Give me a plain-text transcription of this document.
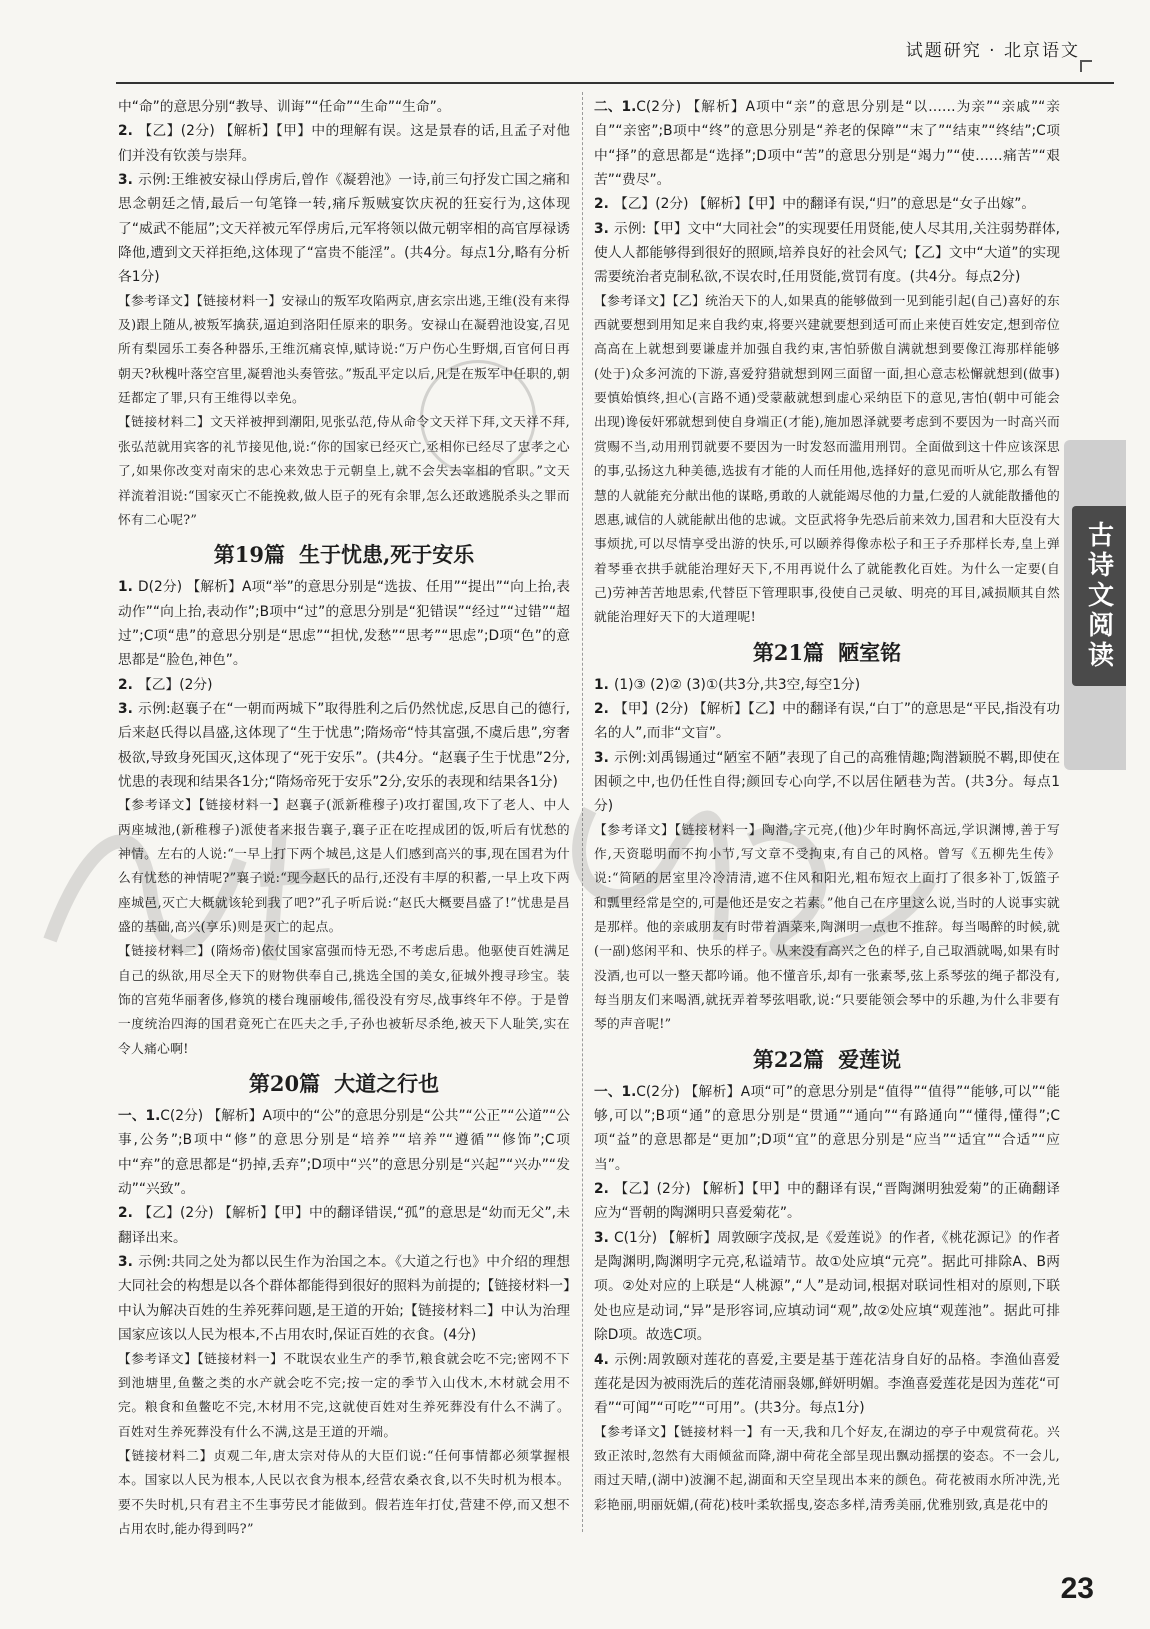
试题研究 · 北京语文

中“命”的意思分别“教导、训诲”“任命”“生命”“生命”。

2. 【乙】(2分) 【解析】【甲】中的理解有误。这是景春的话,且孟子对他们并没有钦羡与崇拜。

3. 示例:王维被安禄山俘虏后,曾作《凝碧池》一诗,前三句抒发亡国之痛和思念朝廷之情,最后一句笔锋一转,痛斥叛贼宴饮庆祝的狂妄行为,这体现了“威武不能屈”;文天祥被元军俘虏后,元军将领以做元朝宰相的高官厚禄诱降他,遭到文天祥拒绝,这体现了“富贵不能淫”。(共4分。每点1分,略有分析各1分)

【参考译文】【链接材料一】安禄山的叛军攻陷两京,唐玄宗出逃,王维(没有来得及)跟上随从,被叛军擒获,逼迫到洛阳任原来的职务。安禄山在凝碧池设宴,召见所有梨园乐工奏各种器乐,王维沉痛哀悼,赋诗说:“万户伤心生野烟,百官何日再朝天?秋槐叶落空宫里,凝碧池头奏管弦。”叛乱平定以后,凡是在叛军中任职的,朝廷都定了罪,只有王维得以幸免。

【链接材料二】文天祥被押到潮阳,见张弘范,侍从命令文天祥下拜,文天祥不拜,张弘范就用宾客的礼节接见他,说:“你的国家已经灭亡,丞相你已经尽了忠孝之心了,如果你改变对南宋的忠心来效忠于元朝皇上,就不会失去宰相的官职。”文天祥流着泪说:“国家灭亡不能挽救,做人臣子的死有余罪,怎么还敢逃脱杀头之罪而怀有二心呢?”

第19篇 生于忧患,死于安乐

1. D(2分) 【解析】A项“举”的意思分别是“选拔、任用”“提出”“向上抬,表动作”“向上抬,表动作”;B项中“过”的意思分别是“犯错误”“经过”“过错”“超过”;C项“患”的意思分别是“思虑”“担忧,发愁”“思考”“思虑”;D项“色”的意思都是“脸色,神色”。

2. 【乙】(2分)

3. 示例:赵襄子在“一朝而两城下”取得胜利之后仍然忧虑,反思自己的德行,后来赵氏得以昌盛,这体现了“生于忧患”;隋炀帝“恃其富强,不虞后患”,穷奢极欲,导致身死国灭,这体现了“死于安乐”。(共4分。“赵襄子生于忧患”2分,忧患的表现和结果各1分;“隋炀帝死于安乐”2分,安乐的表现和结果各1分)

【参考译文】【链接材料一】赵襄子(派新稚穆子)攻打翟国,攻下了老人、中人两座城池,(新稚穆子)派使者来报告襄子,襄子正在吃捏成团的饭,听后有忧愁的神情。左右的人说:“一早上打下两个城邑,这是人们感到高兴的事,现在国君为什么有忧愁的神情呢?”襄子说:“现今赵氏的品行,还没有丰厚的积蓄,一早上攻下两座城邑,灭亡大概就该轮到我了吧?”孔子听后说:“赵氏大概要昌盛了!”忧患是昌盛的基础,高兴(享乐)则是灭亡的起点。

【链接材料二】(隋炀帝)依仗国家富强而恃无恐,不考虑后患。他驱使百姓满足自己的纵欲,用尽全天下的财物供奉自己,挑选全国的美女,征城外搜寻珍宝。装饰的宫苑华丽奢侈,修筑的楼台瑰丽峻伟,徭役没有穷尽,战事终年不停。于是曾一度统治四海的国君竟死亡在匹夫之手,子孙也被斩尽杀绝,被天下人耻笑,实在令人痛心啊!

第20篇 大道之行也

一、1.C(2分) 【解析】A项中的“公”的意思分别是“公共”“公正”“公道”“公事,公务”;B项中“修”的意思分别是“培养”“培养”“遵循”“修饰”;C项中“弃”的意思都是“扔掉,丢弃”;D项中“兴”的意思分别是“兴起”“兴办”“发动”“兴致”。

2. 【乙】(2分) 【解析】【甲】中的翻译错误,“孤”的意思是“幼而无父”,未翻译出来。

3. 示例:共同之处为都以民生作为治国之本。《大道之行也》中介绍的理想大同社会的构想是以各个群体都能得到很好的照料为前提的;【链接材料一】中认为解决百姓的生养死葬问题,是王道的开始;【链接材料二】中认为治理国家应该以人民为根本,不占用农时,保证百姓的衣食。(4分)

【参考译文】【链接材料一】不耽误农业生产的季节,粮食就会吃不完;密网不下到池塘里,鱼鳖之类的水产就会吃不完;按一定的季节入山伐木,木材就会用不完。粮食和鱼鳖吃不完,木材用不完,这就使百姓对生养死葬没有什么不满了。百姓对生养死葬没有什么不满,这是王道的开端。

【链接材料二】贞观二年,唐太宗对侍从的大臣们说:“任何事情都必须掌握根本。国家以人民为根本,人民以衣食为根本,经营农桑衣食,以不失时机为根本。要不失时机,只有君主不生事劳民才能做到。假若连年打仗,营建不停,而又想不占用农时,能办得到吗?”

二、1.C(2分) 【解析】A项中“亲”的意思分别是“以……为亲”“亲戚”“亲自”“亲密”;B项中“终”的意思分别是“养老的保障”“末了”“结束”“终结”;C项中“择”的意思都是“选择”;D项中“苦”的意思分别是“竭力”“使……痛苦”“艰苦”“费尽”。

2. 【乙】(2分) 【解析】【甲】中的翻译有误,“归”的意思是“女子出嫁”。

3. 示例:【甲】文中“大同社会”的实现要任用贤能,使人尽其用,关注弱势群体,使人人都能够得到很好的照顾,培养良好的社会风气;【乙】文中“大道”的实现需要统治者克制私欲,不误农时,任用贤能,赏罚有度。(共4分。每点2分)

【参考译文】【乙】统治天下的人,如果真的能够做到一见到能引起(自己)喜好的东西就要想到用知足来自我约束,将要兴建就要想到适可而止来使百姓安定,想到帝位高高在上就想到要谦虚并加强自我约束,害怕骄傲自满就想到要像江海那样能够(处于)众多河流的下游,喜爱狩猎就想到网三面留一面,担心意志松懈就想到(做事)要慎始慎终,担心(言路不通)受蒙蔽就想到虚心采纳臣下的意见,害怕(朝中可能会出现)谗佞奸邪就想到使自身端正(才能),施加恩泽就要考虑到不要因为一时高兴而赏赐不当,动用刑罚就要不要因为一时发怒而滥用刑罚。全面做到这十件应该深思的事,弘扬这九种美德,选拔有才能的人而任用他,选择好的意见而听从它,那么有智慧的人就能充分献出他的谋略,勇敢的人就能竭尽他的力量,仁爱的人就能散播他的恩惠,诚信的人就能献出他的忠诚。文臣武将争先恐后前来效力,国君和大臣没有大事烦扰,可以尽情享受出游的快乐,可以颐养得像赤松子和王子乔那样长寿,皇上弹着琴垂衣拱手就能治理好天下,不用再说什么了就能教化百姓。为什么一定要(自己)劳神苦苦地思索,代替臣下管理职事,役使自己灵敏、明亮的耳目,减损顺其自然就能治理好天下的大道理呢!

第21篇 陋室铭

1. (1)③ (2)② (3)①(共3分,共3空,每空1分)

2. 【甲】(2分) 【解析】【乙】中的翻译有误,“白丁”的意思是“平民,指没有功名的人”,而非“文盲”。

3. 示例:刘禹锡通过“陋室不陋”表现了自己的高雅情趣;陶潜颖脱不羁,即使在困顿之中,也仍任性自得;颜回专心向学,不以居住陋巷为苦。(共3分。每点1分)

【参考译文】【链接材料一】陶潜,字元亮,(他)少年时胸怀高远,学识渊博,善于写作,天资聪明而不拘小节,写文章不受拘束,有自己的风格。曾写《五柳先生传》说:“简陋的居室里冷冷清清,遮不住风和阳光,粗布短衣上面打了很多补丁,饭篮子和瓢里经常是空的,可是他还是安之若素。”他自己在序里这么说,当时的人说事实就是那样。他的亲戚朋友有时带着酒菜来,陶渊明一点也不推辞。每当喝醉的时候,就(一副)悠闲平和、快乐的样子。从来没有高兴之色的样子,自己取酒就喝,如果有时没酒,也可以一整天都吟诵。他不懂音乐,却有一张素琴,弦上系琴弦的绳子都没有,每当朋友们来喝酒,就抚弄着琴弦唱歌,说:“只要能领会琴中的乐趣,为什么非要有琴的声音呢!”

第22篇 爱莲说

一、1.C(2分) 【解析】A项“可”的意思分别是“值得”“值得”“能够,可以”“能够,可以”;B项“通”的意思分别是“贯通”“通向”“有路通向”“懂得,懂得”;C项“益”的意思都是“更加”;D项“宜”的意思分别是“应当”“适宜”“合适”“应当”。

2. 【乙】(2分) 【解析】【甲】中的翻译有误,“晋陶渊明独爱菊”的正确翻译应为“晋朝的陶渊明只喜爱菊花”。

3. C(1分) 【解析】周敦颐字茂叔,是《爱莲说》的作者,《桃花源记》的作者是陶渊明,陶渊明字元亮,私谥靖节。故①处应填“元亮”。据此可排除A、B两项。②处对应的上联是“人桃源”,“人”是动词,根据对联词性相对的原则,下联处也应是动词,“异”是形容词,应填动词“观”,故②处应填“观莲池”。据此可排除D项。故选C项。

4. 示例:周敦颐对莲花的喜爱,主要是基于莲花洁身自好的品格。李渔仙喜爱莲花是因为被雨洗后的莲花清丽袅娜,鲜妍明媚。李渔喜爱莲花是因为莲花“可看”“可闻”“可吃”“可用”。(共3分。每点1分)

【参考译文】【链接材料一】有一天,我和几个好友,在湖边的亭子中观赏荷花。兴致正浓时,忽然有大雨倾盆而降,湖中荷花全部呈现出飘动摇摆的姿态。不一会儿,雨过天晴,(湖中)波澜不起,湖面和天空呈现出本来的颜色。荷花被雨水所冲洗,光彩艳丽,明丽妩媚,(荷花)枝叶柔软摇曳,姿态多样,清秀美丽,优雅别致,真是花中的

古诗文阅读
23
